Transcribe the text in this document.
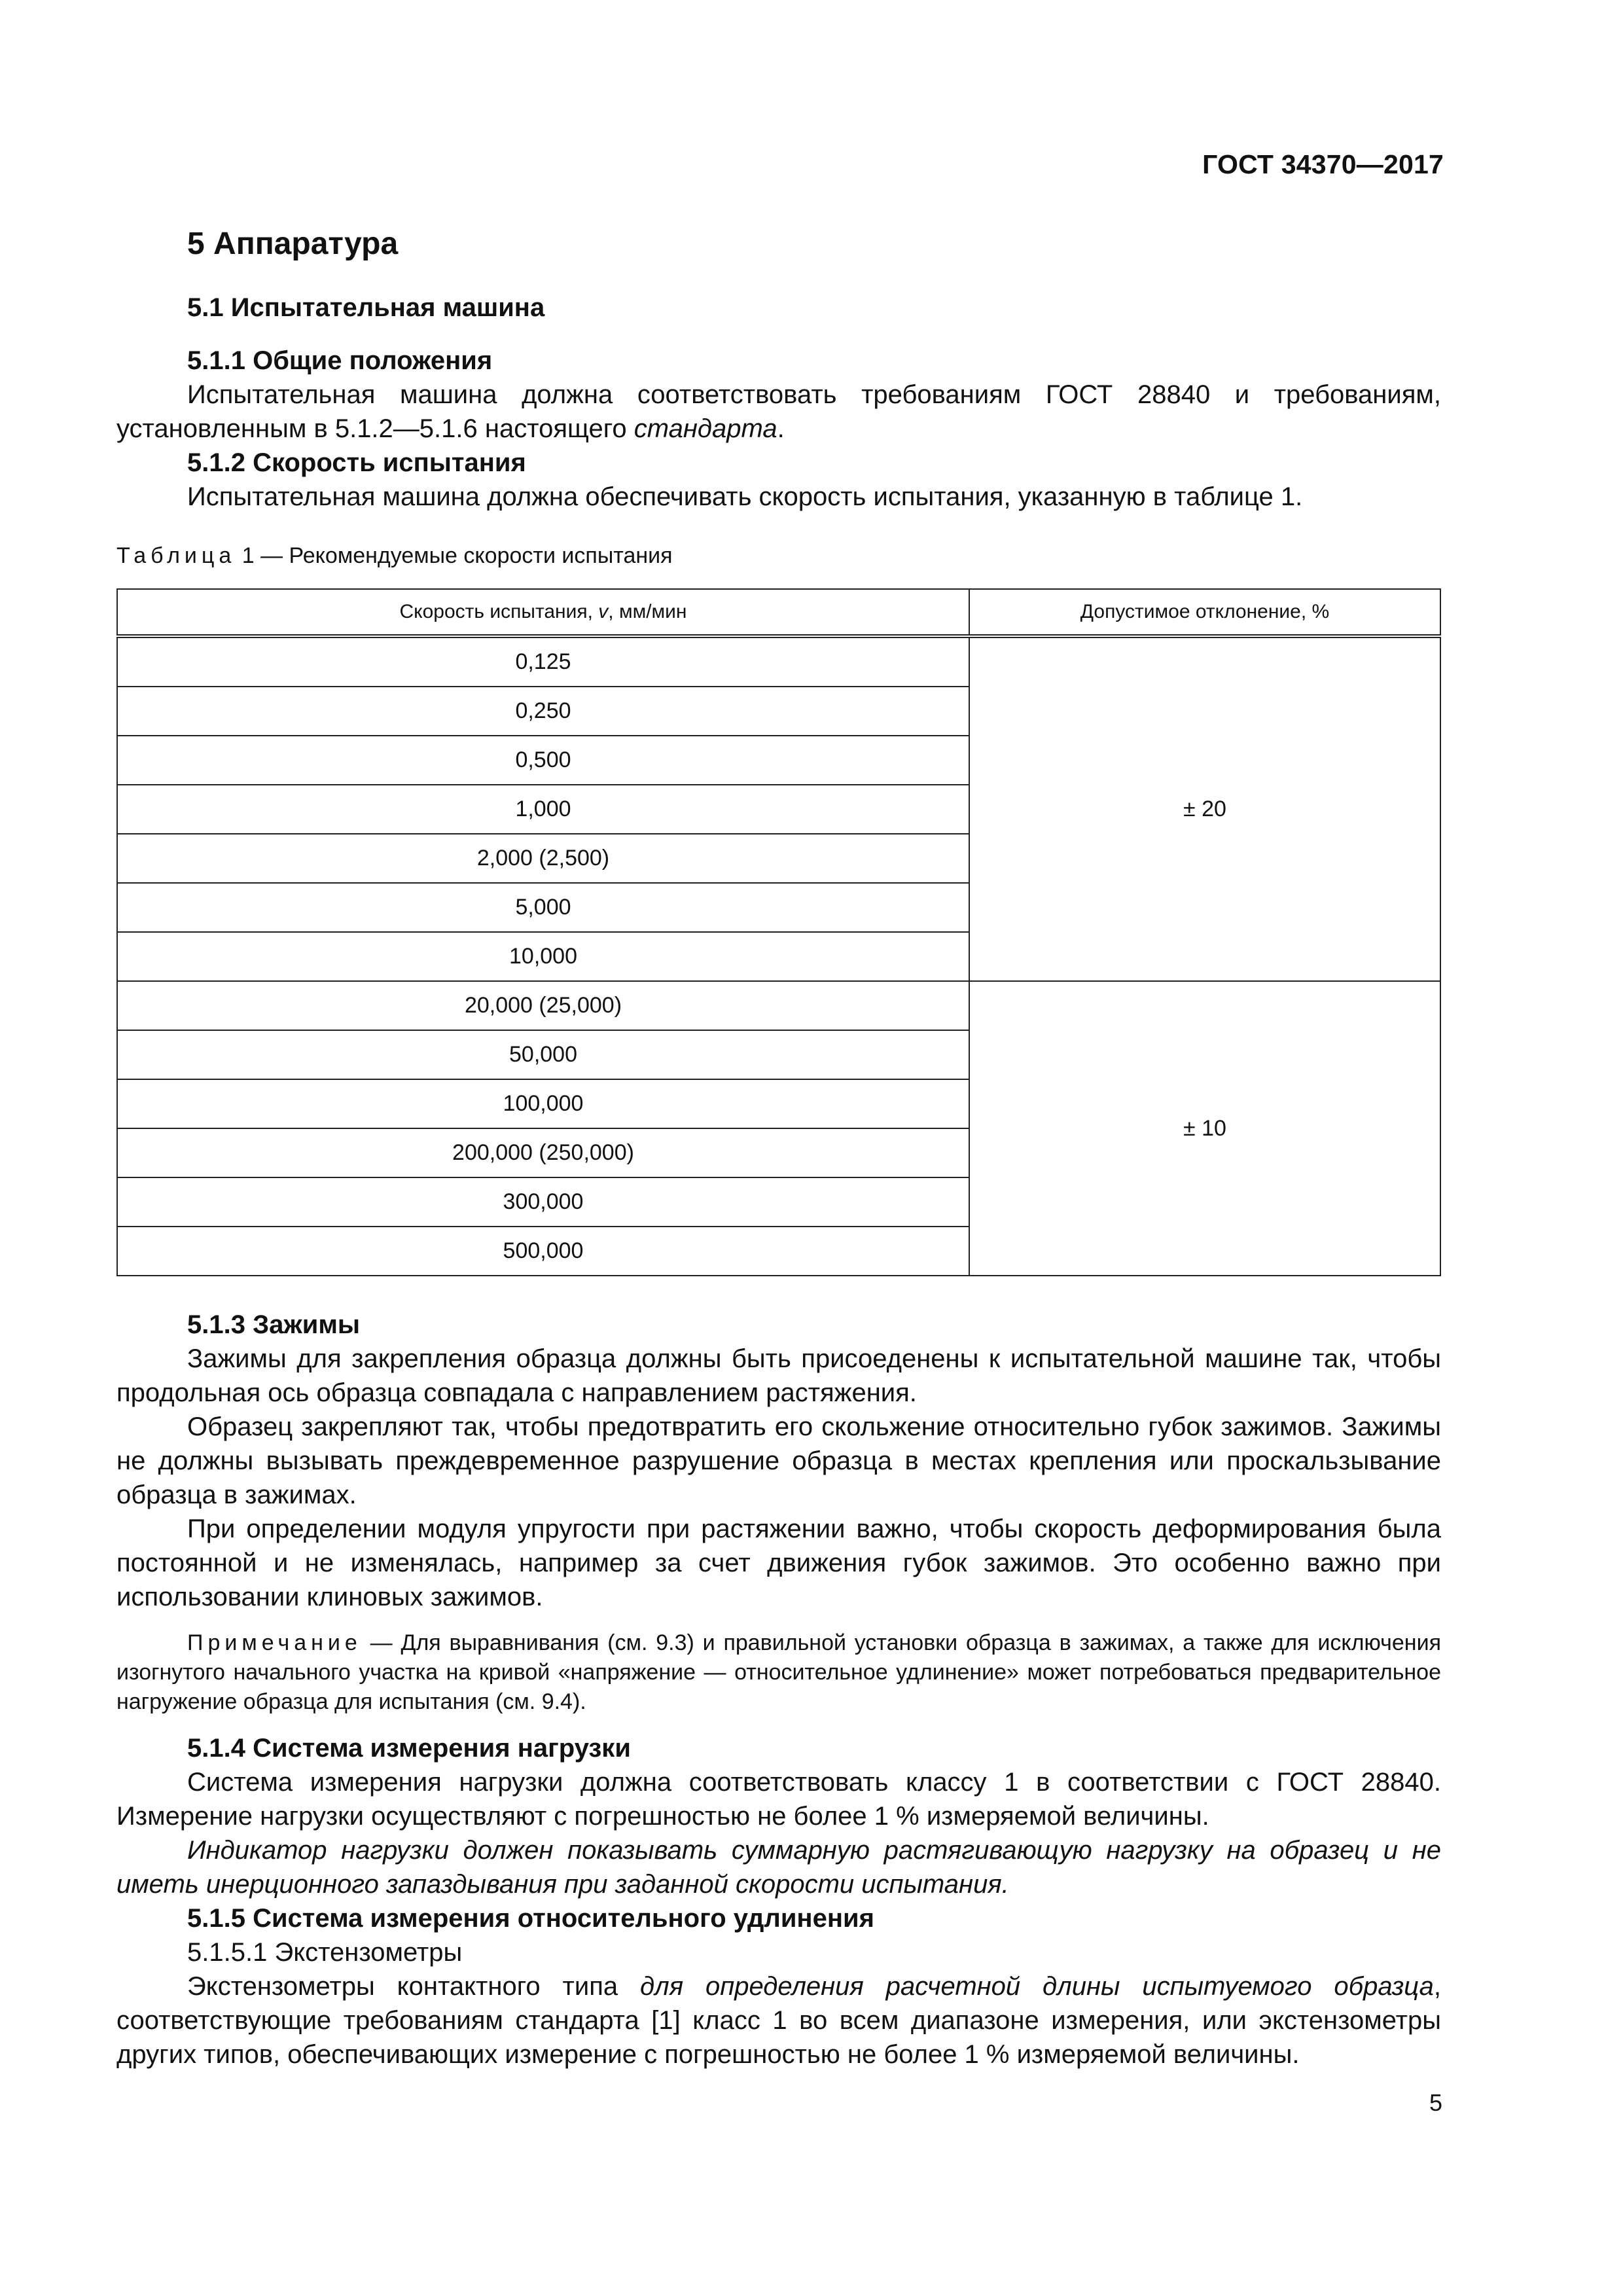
ГОСТ 34370—2017
5 Аппаратура
5.1 Испытательная машина
5.1.1 Общие положения

Испытательная машина должна соответствовать требованиям ГОСТ 28840 и требованиям, установленным в 5.1.2—5.1.6 настоящего стандарта.

5.1.2 Скорость испытания

Испытательная машина должна обеспечивать скорость испытания, указанную в таблице 1.

Таблица 1 — Рекомендуемые скорости испытания
Скорость испытания, v, мм/мин	Допустимое отклонение, %
0,125	± 20
0,250	
0,500	
1,000	
2,000 (2,500)	
5,000	
10,000	
20,000 (25,000)	± 10
50,000	
100,000	
200,000 (250,000)	
300,000	
500,000	
5.1.3 Зажимы

Зажимы для закрепления образца должны быть присоеденены к испытательной машине так, чтобы продольная ось образца совпадала с направлением растяжения.

Образец закрепляют так, чтобы предотвратить его скольжение относительно губок зажимов. Зажимы не должны вызывать преждевременное разрушение образца в местах крепления или проскальзывание образца в зажимах.

При определении модуля упругости при растяжении важно, чтобы скорость деформирования была постоянной и не изменялась, например за счет движения губок зажимов. Это особенно важно при использовании клиновых зажимов.

Примечание — Для выравнивания (см. 9.3) и правильной установки образца в зажимах, а также для исключения изогнутого начального участка на кривой «напряжение — относительное удлинение» может потребоваться предварительное нагружение образца для испытания (см. 9.4).

5.1.4 Система измерения нагрузки

Система измерения нагрузки должна соответствовать классу 1 в соответствии с ГОСТ 28840. Измерение нагрузки осуществляют с погрешностью не более 1 % измеряемой величины.

Индикатор нагрузки должен показывать суммарную растягивающую нагрузку на образец и не иметь инерционного запаздывания при заданной скорости испытания.

5.1.5 Система измерения относительного удлинения
5.1.5.1 Экстензометры

Экстензометры контактного типа для определения расчетной длины испытуемого образца, соответствующие требованиям стандарта [1] класс 1 во всем диапазоне измерения, или экстензометры других типов, обеспечивающих измерение с погрешностью не более 1 % измеряемой величины.

5
